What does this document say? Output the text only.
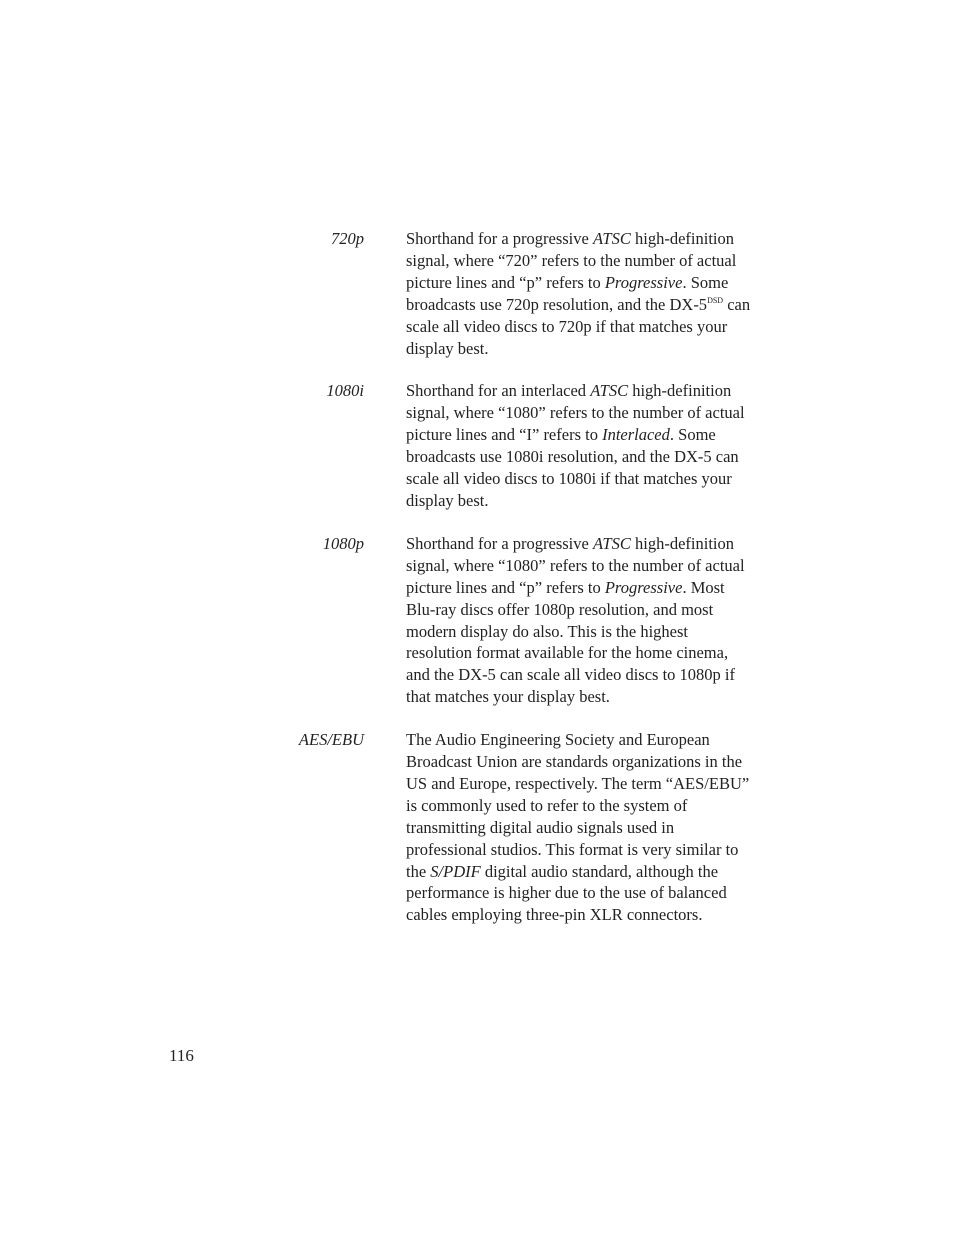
720p	Shorthand for a progressive ATSC high-definition
signal, where “720” refers to the number of actual
picture lines and “p” refers to Progressive. Some
broadcasts use 720p resolution, and the $DX-5^{DSD}$ can
scale all video discs to 720p if that matches your
display best.
1080i	Shorthand for an interlaced ATSC high-definition
signal, where “1080” refers to the number of actual
picture lines and “I” refers to Interlaced. Some
broadcasts use 1080i resolution, and the DX-5 can
scale all video discs to 1080i if that matches your
display best.
1080p	Shorthand for a progressive ATSC high-definition
signal, where “1080” refers to the number of actual
picture lines and “p” refers to Progressive. Most
Blu-ray discs offer 1080p resolution, and most
modern display do also. This is the highest
resolution format available for the home cinema,
and the DX-5 can scale all video discs to 1080p if
that matches your display best.
AES/EBU	The Audio Engineering Society and European
Broadcast Union are standards organizations in the
US and Europe, respectively. The term “AES/EBU”
is commonly used to refer to the system of
transmitting digital audio signals used in
professional studios. This format is very similar to
the S/PDIF digital audio standard, although the
performance is higher due to the use of balanced
cables employing three-pin XLR connectors.
116
